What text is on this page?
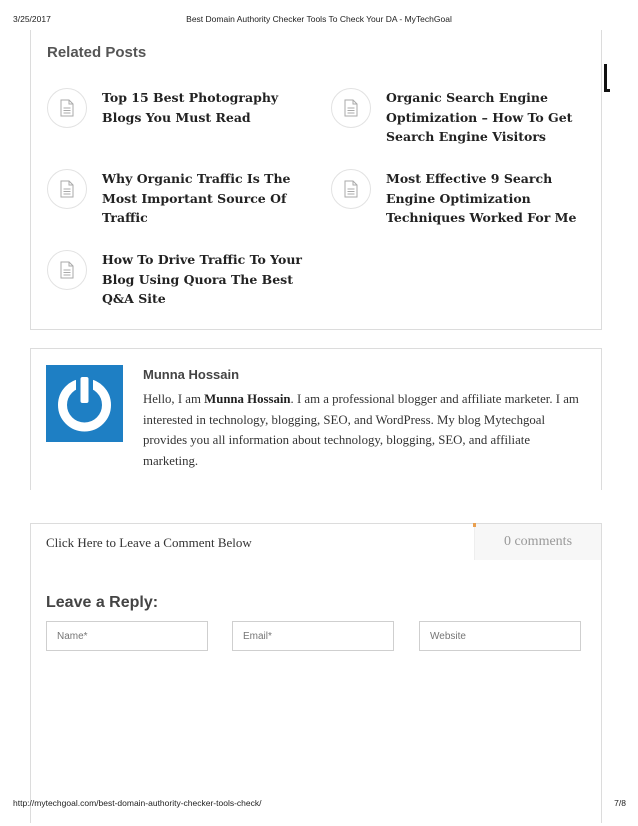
3/25/2017	Best Domain Authority Checker Tools To Check Your DA - MyTechGoal
Related Posts
Top 15 Best Photography Blogs You Must Read
Organic Search Engine Optimization – How To Get Search Engine Visitors
Why Organic Traffic Is The Most Important Source Of Traffic
Most Effective 9 Search Engine Optimization Techniques Worked For Me
How To Drive Traffic To Your Blog Using Quora The Best Q&A Site
Munna Hossain
Hello, I am Munna Hossain. I am a professional blogger and affiliate marketer. I am interested in technology, blogging, SEO, and WordPress. My blog Mytechgoal provides you all information about technology, blogging, SEO, and affiliate marketing.
Click Here to Leave a Comment Below	0 comments
Leave a Reply:
Name*
Email*
Website
http://mytechgoal.com/best-domain-authority-checker-tools-check/	7/8
